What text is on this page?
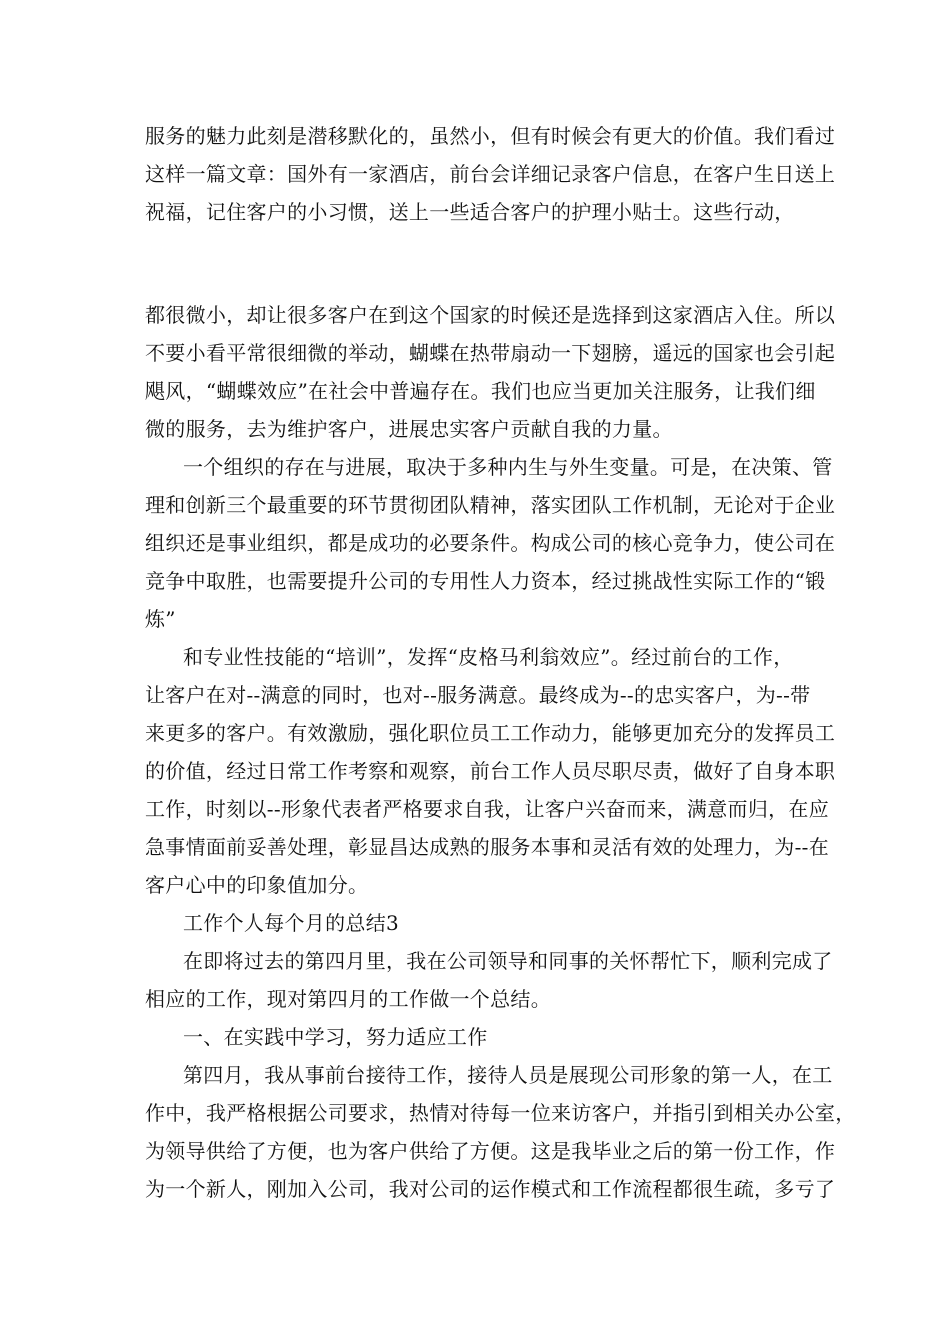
服务的魅力此刻是潜移默化的，虽然小，但有时候会有更大的价值。我们看过
这样一篇文章：国外有一家酒店，前台会详细记录客户信息，在客户生日送上
祝福，记住客户的小习惯，送上一些适合客户的护理小贴士。这些行动，
都很微小，却让很多客户在到这个国家的时候还是选择到这家酒店入住。所以
不要小看平常很细微的举动，蝴蝶在热带扇动一下翅膀，遥远的国家也会引起
飓风，“蝴蝶效应”在社会中普遍存在。我们也应当更加关注服务，让我们细
微的服务，去为维护客户，进展忠实客户贡献自我的力量。
一个组织的存在与进展，取决于多种内生与外生变量。可是，在决策、管
理和创新三个最重要的环节贯彻团队精神，落实团队工作机制，无论对于企业
组织还是事业组织，都是成功的必要条件。构成公司的核心竞争力，使公司在
竞争中取胜，也需要提升公司的专用性人力资本，经过挑战性实际工作的“锻
炼”
和专业性技能的“培训”，发挥“皮格马利翁效应”。经过前台的工作，
让客户在对--满意的同时，也对--服务满意。最终成为--的忠实客户，为--带
来更多的客户。有效激励，强化职位员工工作动力，能够更加充分的发挥员工
的价值，经过日常工作考察和观察，前台工作人员尽职尽责，做好了自身本职
工作，时刻以--形象代表者严格要求自我，让客户兴奋而来，满意而归，在应
急事情面前妥善处理，彰显昌达成熟的服务本事和灵活有效的处理力，为--在
客户心中的印象值加分。
工作个人每个月的总结3
在即将过去的第四月里，我在公司领导和同事的关怀帮忙下，顺利完成了
相应的工作，现对第四月的工作做一个总结。
一、在实践中学习，努力适应工作
第四月，我从事前台接待工作，接待人员是展现公司形象的第一人，在工
作中，我严格根据公司要求，热情对待每一位来访客户，并指引到相关办公室，
为领导供给了方便，也为客户供给了方便。这是我毕业之后的第一份工作，作
为一个新人，刚加入公司，我对公司的运作模式和工作流程都很生疏，多亏了
